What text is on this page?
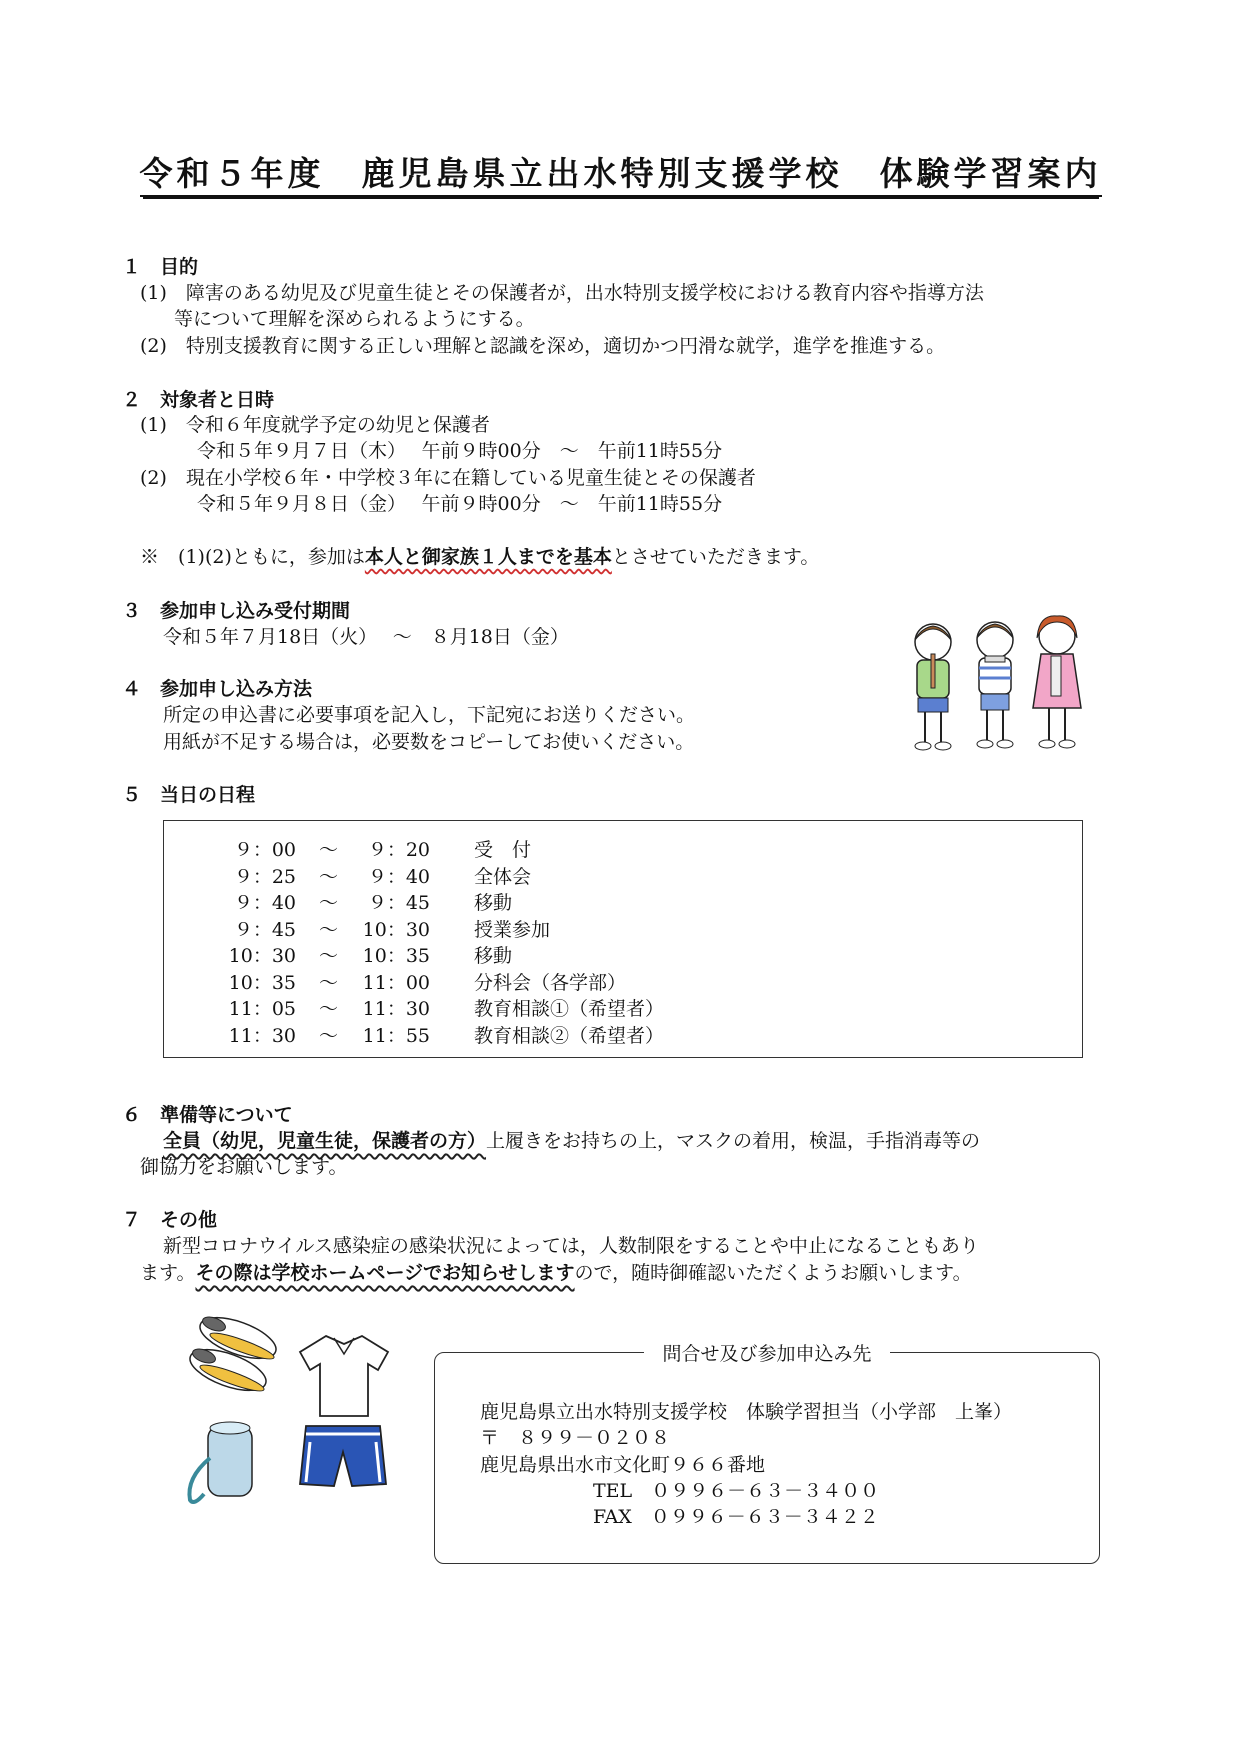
令和５年度　鹿児島県立出水特別支援学校　体験学習案内
１　目的
(1)　障害のある幼児及び児童生徒とその保護者が，出水特別支援学校における教育内容や指導方法
等について理解を深められるようにする。
(2)　特別支援教育に関する正しい理解と認識を深め，適切かつ円滑な就学，進学を推進する。
２　対象者と日時
(1)　令和６年度就学予定の幼児と保護者
令和５年９月７日（木）　 午前９時00分　～　午前11時55分
(2)　現在小学校６年・中学校３年に在籍している児童生徒とその保護者
令和５年９月８日（金）　 午前９時00分　～　午前11時55分
※　 (1)(2)ともに，参加は本人と御家族１人までを基本とさせていただきます。
３　参加申し込み受付期間
令和５年７月18日（火）　 ～　８月18日（金）
４　参加申し込み方法
所定の申込書に必要事項を記入し，下記宛にお送りください。
用紙が不足する場合は，必要数をコピーしてお使いください。
５　当日の日程
９：00 ～ ９：20 受　付
９：25 ～ ９：40 全体会
９：40 ～ ９：45 移動
９：45 ～ 10：30 授業参加
10：30 ～ 10：35 移動
10：35 ～ 11：00 分科会（各学部）
11：05 ～ 11：30 教育相談①（希望者）
11：30 ～ 11：55 教育相談②（希望者）
６　準備等について
全員（幼児，児童生徒，保護者の方）上履きをお持ちの上，マスクの着用，検温，手指消毒等の
御協力をお願いします。
７　その他
新型コロナウイルス感染症の感染状況によっては，人数制限をすることや中止になることもあり
ます。その際は学校ホームページでお知らせしますので，随時御確認いただくようお願いします。
問合せ及び参加申込み先
鹿児島県立出水特別支援学校　体験学習担当（小学部　上峯）
〒　８９９－０２０８
鹿児島県出水市文化町９６６番地
TEL　０９９６－６３－３４００
FAX　０９９６－６３－３４２２
